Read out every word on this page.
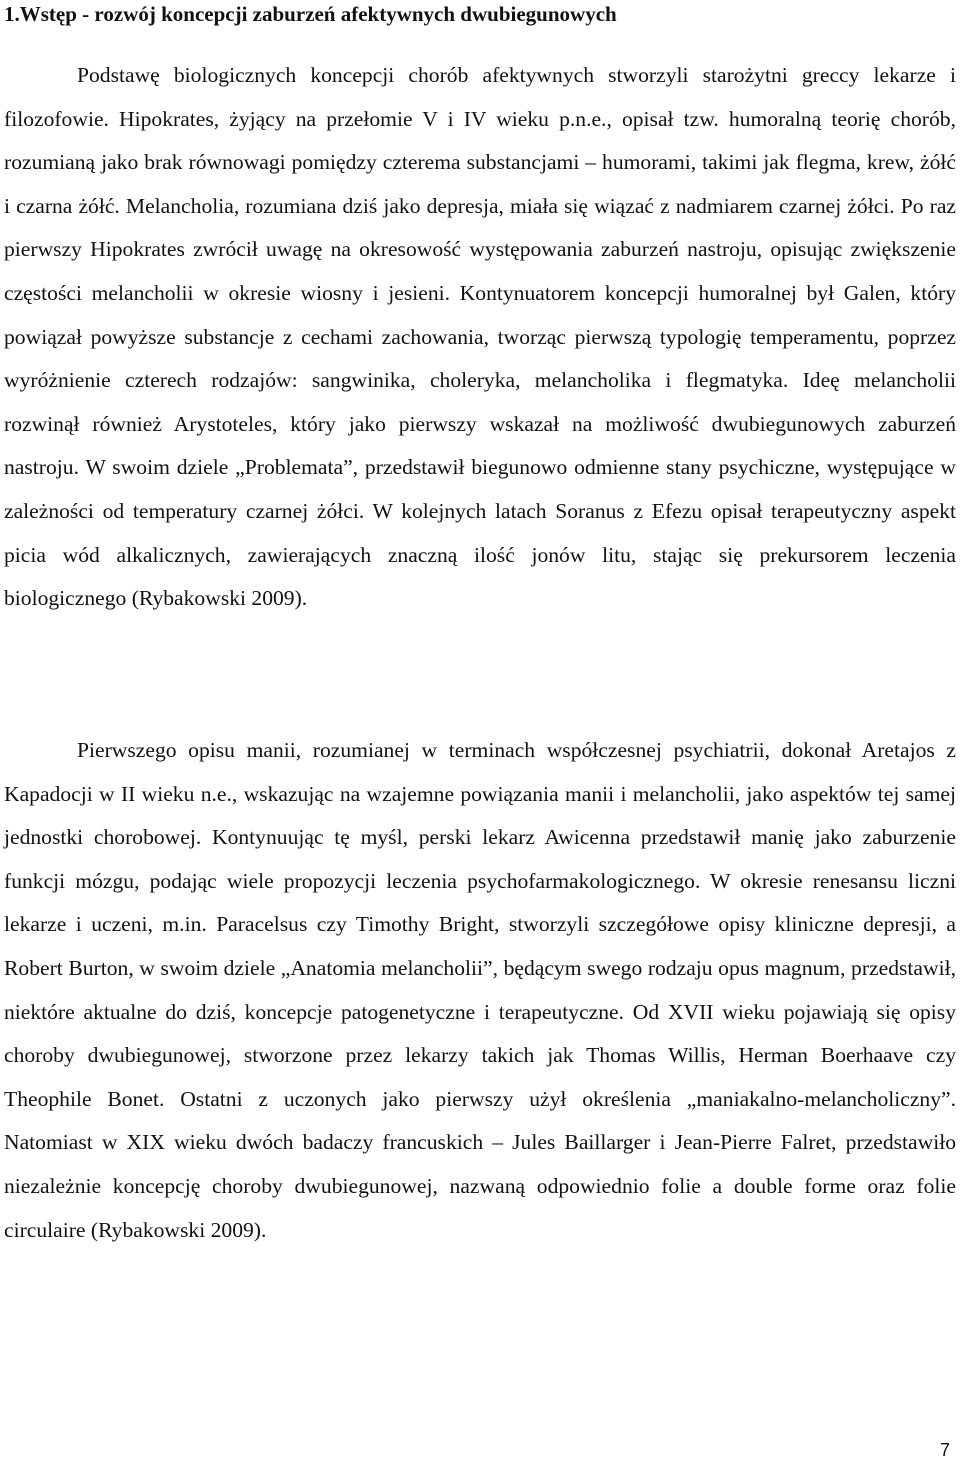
1.Wstęp - rozwój koncepcji zaburzeń afektywnych dwubiegunowych

Podstawę biologicznych koncepcji chorób afektywnych stworzyli starożytni greccy lekarze i filozofowie. Hipokrates, żyjący na przełomie V i IV wieku p.n.e., opisał tzw. humoralną teorię chorób, rozumianą jako brak równowagi pomiędzy czterema substancjami – humorami, takimi jak flegma, krew, żółć i czarna żółć. Melancholia, rozumiana dziś jako depresja, miała się wiązać z nadmiarem czarnej żółci. Po raz pierwszy Hipokrates zwrócił uwagę na okresowość występowania zaburzeń nastroju, opisując zwiększenie częstości melancholii w okresie wiosny i jesieni. Kontynuatorem koncepcji humoralnej był Galen, który powiązał powyższe substancje z cechami zachowania, tworząc pierwszą typologię temperamentu, poprzez wyróżnienie czterech rodzajów: sangwinika, choleryka, melancholika i flegmatyka. Ideę melancholii rozwinął również Arystoteles, który jako pierwszy wskazał na możliwość dwubiegunowych zaburzeń nastroju. W swoim dziele „Problemata”, przedstawił biegunowo odmienne stany psychiczne, występujące w zależności od temperatury czarnej żółci. W kolejnych latach Soranus z Efezu opisał terapeutyczny aspekt picia wód alkalicznych, zawierających znaczną ilość jonów litu, stając się prekursorem leczenia biologicznego (Rybakowski 2009).

Pierwszego opisu manii, rozumianej w terminach współczesnej psychiatrii, dokonał Aretajos z Kapadocji w II wieku n.e., wskazując na wzajemne powiązania manii i melancholii, jako aspektów tej samej jednostki chorobowej. Kontynuując tę myśl, perski lekarz Awicenna przedstawił manię jako zaburzenie funkcji mózgu, podając wiele propozycji leczenia psychofarmakologicznego. W okresie renesansu liczni lekarze i uczeni, m.in. Paracelsus czy Timothy Bright, stworzyli szczegółowe opisy kliniczne depresji, a Robert Burton, w swoim dziele „Anatomia melancholii”, będącym swego rodzaju opus magnum, przedstawił, niektóre aktualne do dziś, koncepcje patogenetyczne i terapeutyczne. Od XVII wieku pojawiają się opisy choroby dwubiegunowej, stworzone przez lekarzy takich jak Thomas Willis, Herman Boerhaave czy Theophile Bonet. Ostatni z uczonych jako pierwszy użył określenia „maniakalno-melancholiczny”. Natomiast w XIX wieku dwóch badaczy francuskich – Jules Baillarger i Jean-Pierre Falret, przedstawiło niezależnie koncepcję choroby dwubiegunowej, nazwaną odpowiednio folie a double forme oraz folie circulaire (Rybakowski 2009).

7
